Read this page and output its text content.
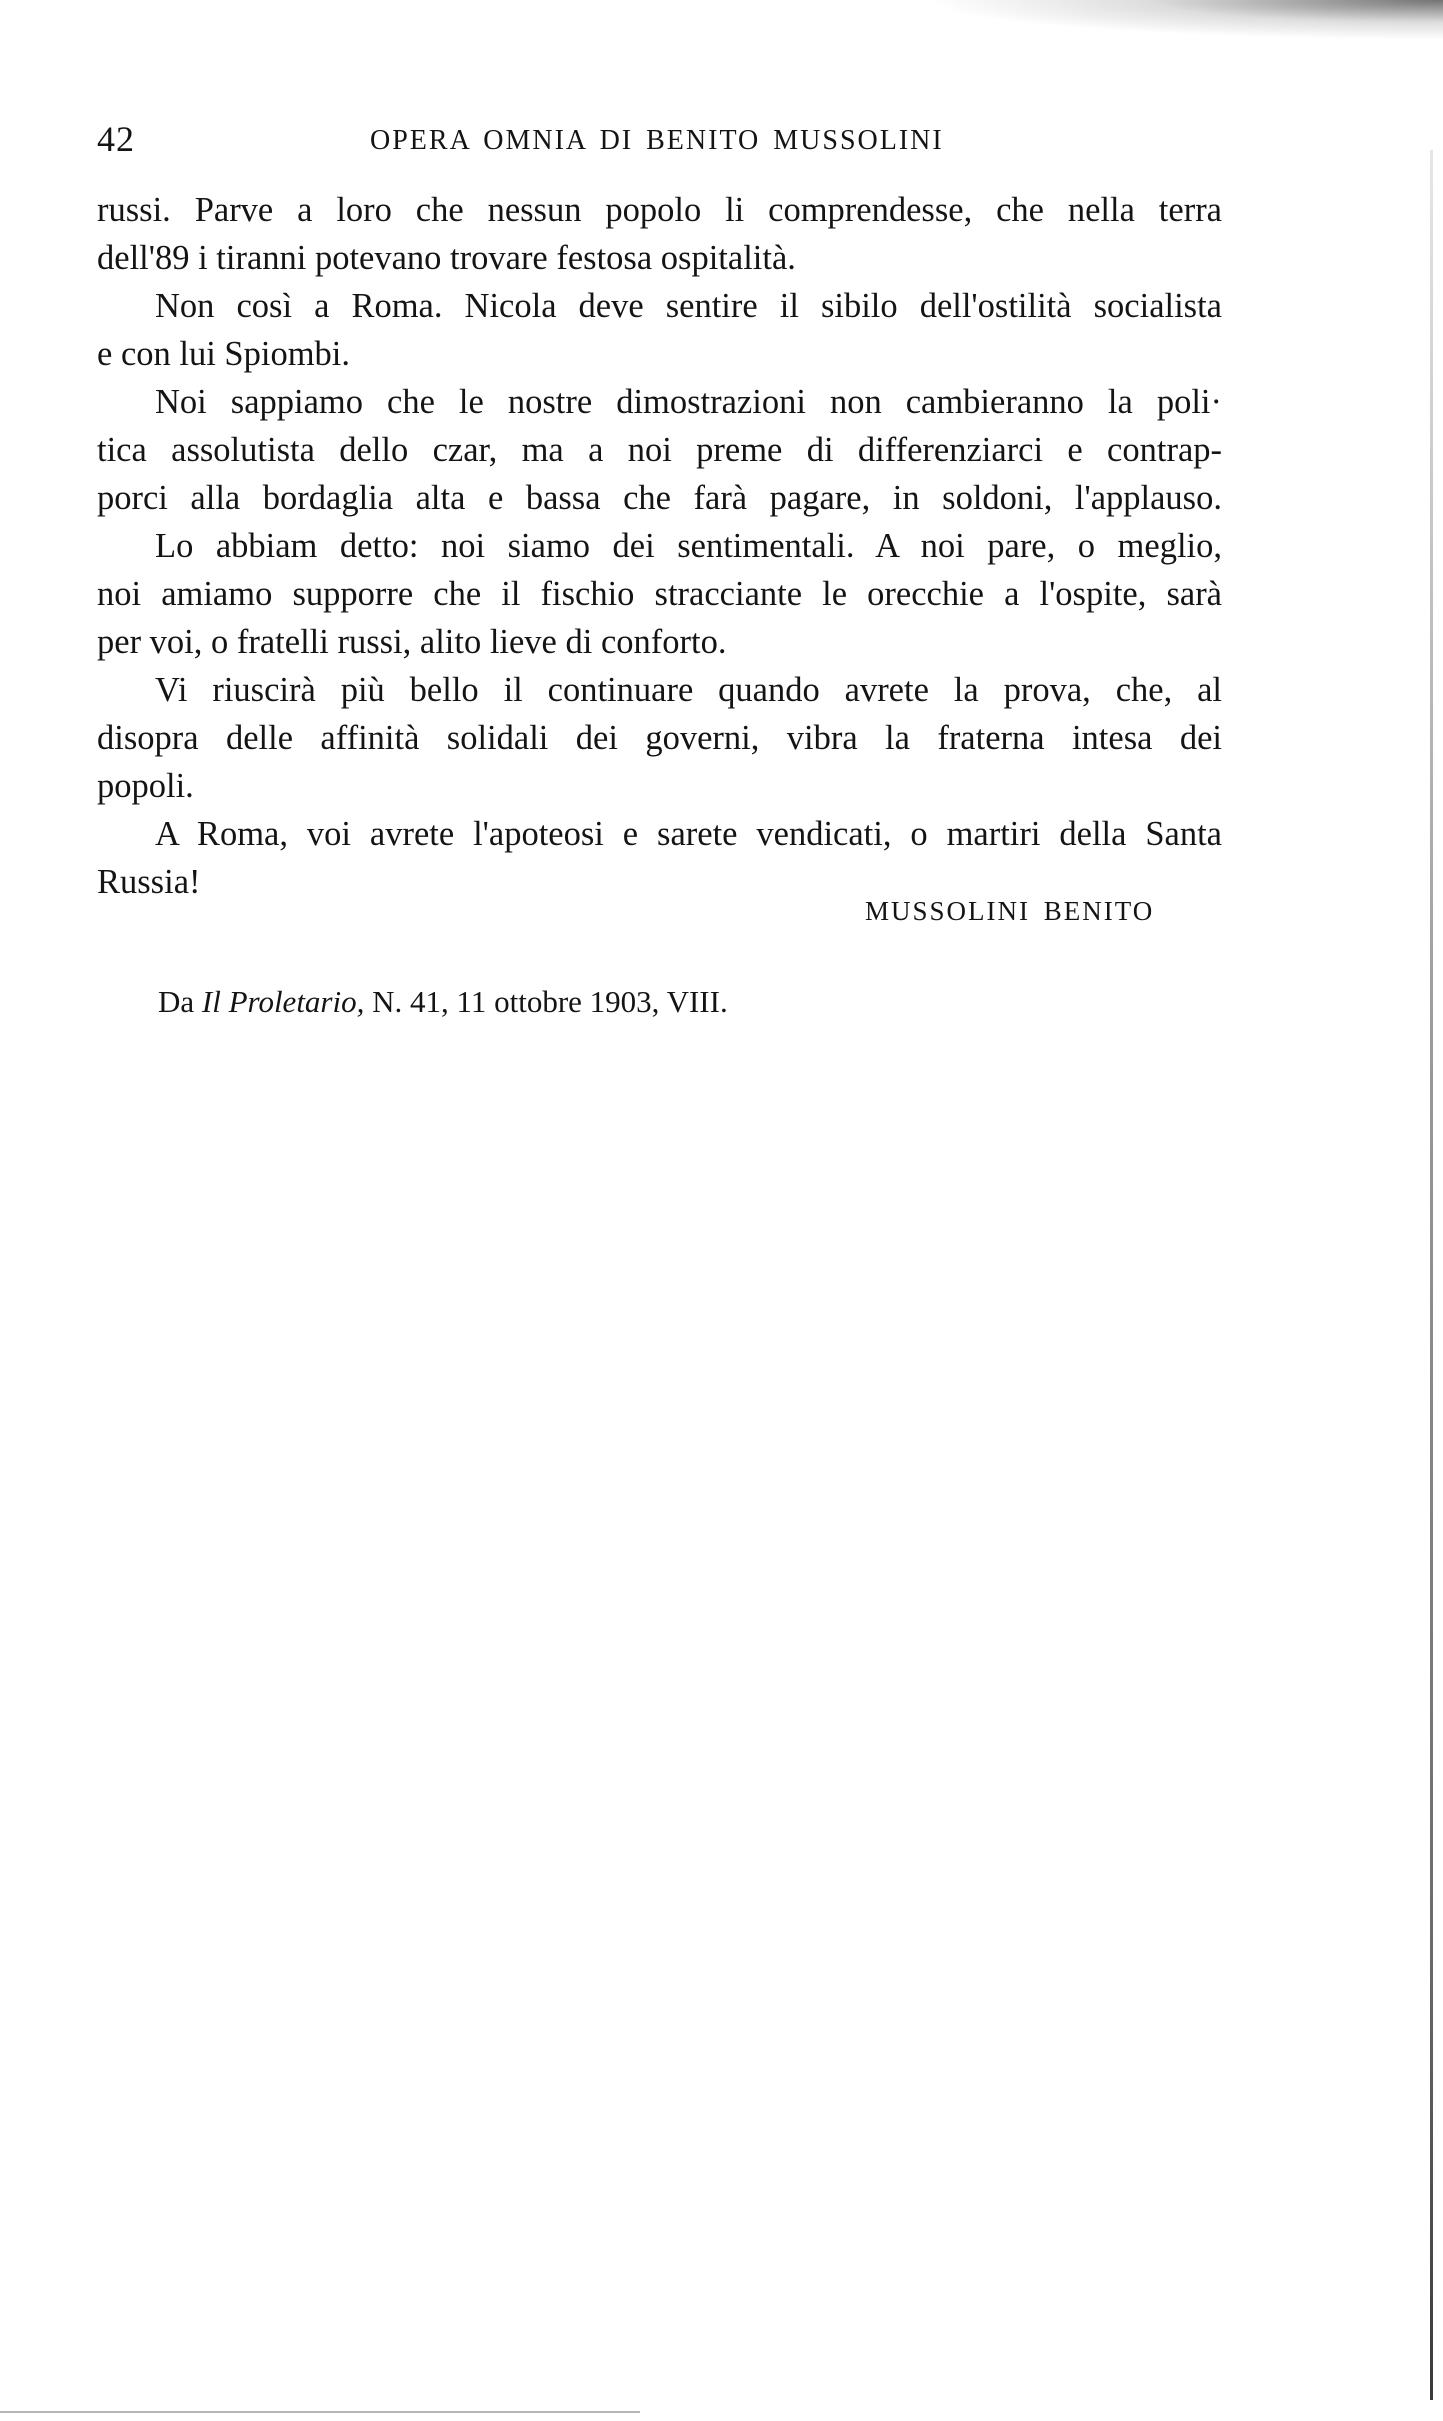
42	OPERA OMNIA DI BENITO MUSSOLINI
russi. Parve a loro che nessun popolo li comprendesse, che nella terra
dell'89 i tiranni potevano trovare festosa ospitalità.
Non così a Roma. Nicola deve sentire il sibilo dell'ostilità socialista
e con lui Spiombi.
Noi sappiamo che le nostre dimostrazioni non cambieranno la poli·
tica assolutista dello czar, ma a noi preme di differenziarci e contrap-
porci alla bordaglia alta e bassa che farà pagare, in soldoni, l'applauso.
Lo abbiam detto: noi siamo dei sentimentali. A noi pare, o meglio,
noi amiamo supporre che il fischio stracciante le orecchie a l'ospite, sarà
per voi, o fratelli russi, alito lieve di conforto.
Vi riuscirà più bello il continuare quando avrete la prova, che, al
disopra delle affinità solidali dei governi, vibra la fraterna intesa dei
popoli.
A Roma, voi avrete l'apoteosi e sarete vendicati, o martiri della Santa
Russia!
MUSSOLINI BENITO
Da Il Proletario, N. 41, 11 ottobre 1903, VIII.
